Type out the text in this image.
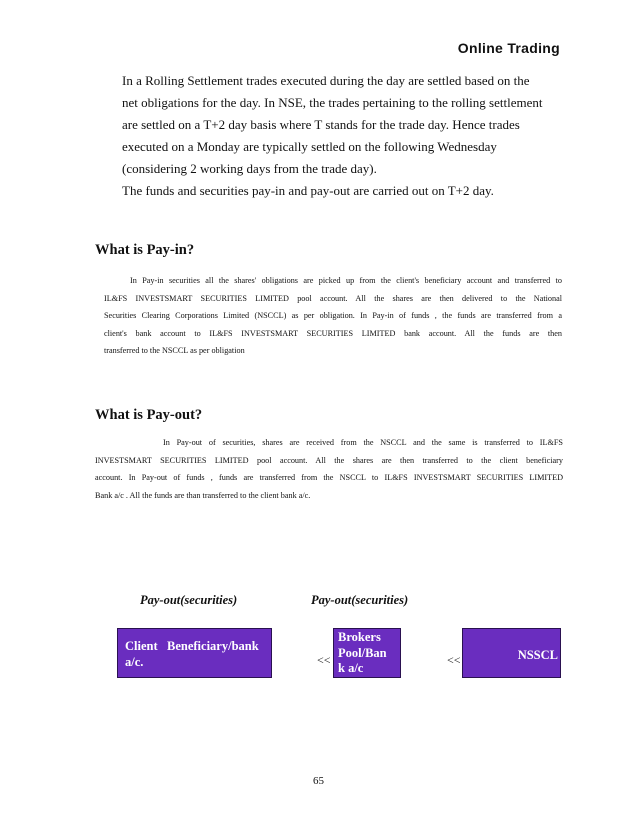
Online Trading
In a Rolling Settlement trades executed during the day are settled based on the
net obligations for the day. In NSE, the trades pertaining to the rolling settlement
are settled on a T+2 day basis where T stands for the trade day. Hence trades
executed on a Monday are typically settled on the following Wednesday
(considering 2 working days from the trade day).
The funds and securities pay-in and pay-out are carried out on T+2 day.
What is Pay-in?
In Pay-in securities all the shares' obligations are picked up from the client's beneficiary account and transferred to
IL&FS INVESTSMART SECURITIES LIMITED pool account. All the shares are then delivered to the National
Securities Clearing Corporations Limited (NSCCL) as per obligation. In Pay-in of funds , the funds are transferred from a
client's bank account to IL&FS INVESTSMART SECURITIES LIMITED bank account. All the funds are then
transferred to the NSCCL as per obligation
What is Pay-out?
In Pay-out of securities, shares are received from the NSCCL and the same is transferred to IL&FS
INVESTSMART SECURITIES LIMITED pool account. All the shares are then transferred to the client beneficiary
account. In Pay-out of funds , funds are transferred from the NSCCL to IL&FS INVESTSMART SECURITIES LIMITED
Bank a/c . All the funds are than transferred to the client bank a/c.
Pay-out(securities)	Pay-out(securities)
Client   Beneficiary/bank
a/c.	<<
Brokers
Pool/Ban
k a/c
<<	NSSCL
65
